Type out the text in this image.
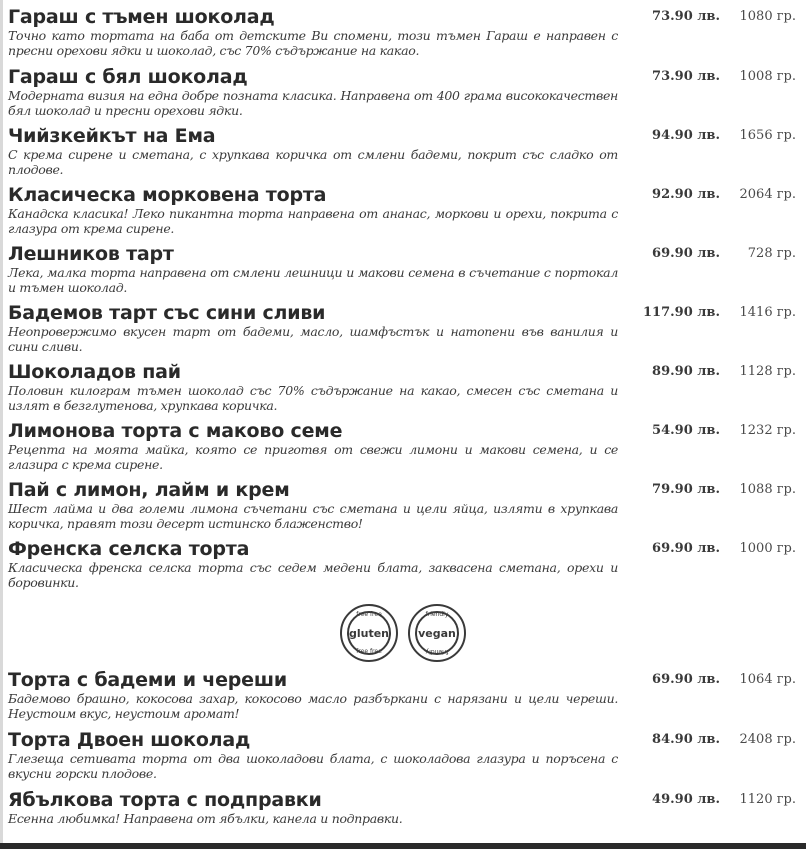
Гараш с тъмен шоколад	73.90 лв.	1080 гр.
Точно като тортата на баба от детските Ви спомени, този тъмен Гараш е направен с пресни орехови ядки и шоколад, със 70% съдържание на какао.
Гараш с бял шоколад	73.90 лв.	1008 гр.
Модерната визия на една добре позната класика. Направена от 400 грама висококачествен бял шоколад и пресни орехови ядки.
Чийзкейкът на Ема	94.90 лв.	1656 гр.
С крема сирене и сметана, с хрупкава коричка от смлени бадеми, покрит със сладко от плодове.
Класическа морковена торта	92.90 лв.	2064 гр.
Канадска класика! Леко пикантна торта направена от ананас, моркови и орехи, покрита с глазура от крема сирене.
Лешников тарт	69.90 лв.	728 гр.
Лека, малка торта направена от смлени лешници и макови семена в съчетание с портокал и тъмен шоколад.
Бадемов тарт със сини сливи	117.90 лв.	1416 гр.
Неопровержимо вкусен тарт от бадеми, масло, шамфъстък и натопени във ванилия и сини сливи.
Шоколадов пай	89.90 лв.	1128 гр.
Половин килограм тъмен шоколад със 70% съдържание на какао, смесен със сметана и излят в безглутенова, хрупкава коричка.
Лимонова торта с маково семе	54.90 лв.	1232 гр.
Рецепта на моята майка, която се приготвя от свежи лимони и макови семена, и се глазира с крема сирене.
Пай с лимон, лайм и крем	79.90 лв.	1088 гр.
Шест лайма и два големи лимона съчетани със сметана и цели яйца, изляти в хрупкава коричка, правят този десерт истинско блаженство!
Френска селска торта	69.90 лв.	1000 гр.
Класическа френска селска торта със седем медени блата, заквасена сметана, орехи и боровинки.
free free
gluten
free free
friendly
vegan
friendly
Торта с бадеми и череши	69.90 лв.	1064 гр.
Бадемово брашно, кокосова захар, кокосово масло разбъркани с нарязани и цели череши. Неустоим вкус, неустоим аромат!
Торта Двоен шоколад	84.90 лв.	2408 гр.
Глезеща сетивата торта от два шоколадови блата, с шоколадова глазура и поръсена с вкусни горски плодове.
Ябълкова торта с подправки	49.90 лв.	1120 гр.
Есенна любимка! Направена от ябълки, канела и подправки.
